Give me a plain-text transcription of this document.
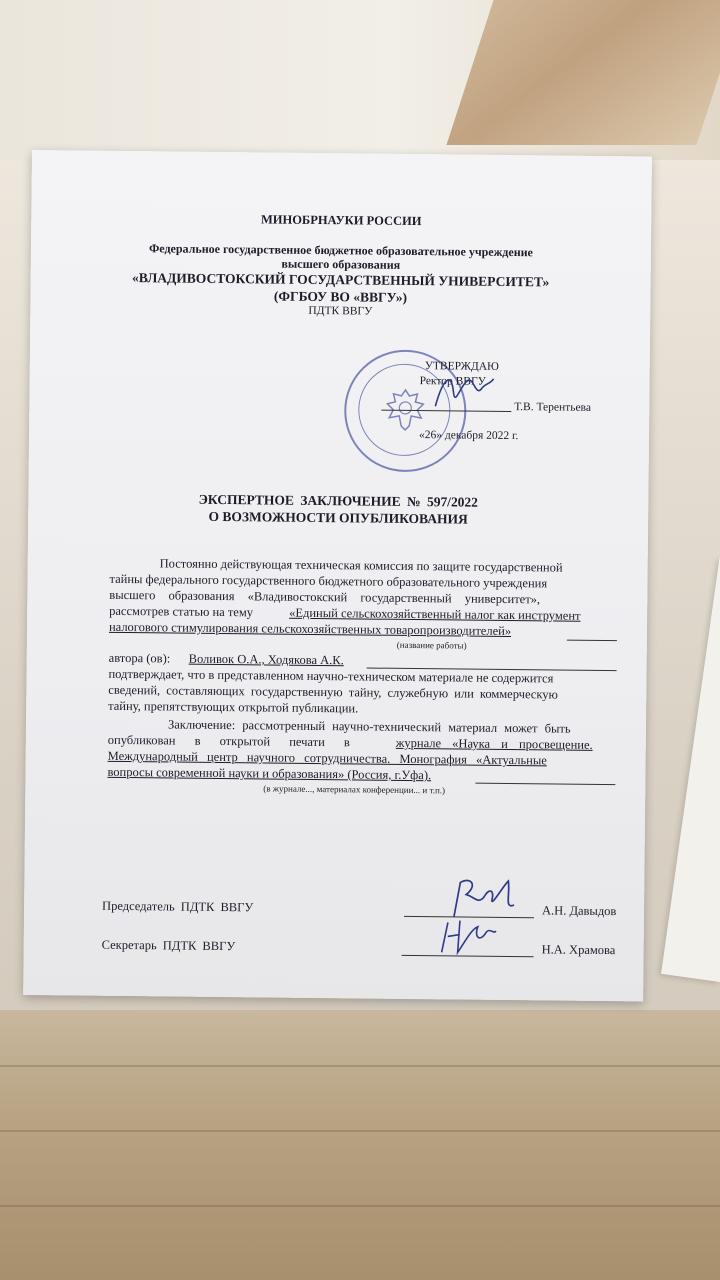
МИНОБРНАУКИ РОССИИ
Федеральное государственное бюджетное образовательное учреждение
высшего образования
«ВЛАДИВОСТОКСКИЙ ГОСУДАРСТВЕННЫЙ УНИВЕРСИТЕТ»
(ФГБОУ ВО «ВВГУ»)
ПДТК ВВГУ
УТВЕРЖДАЮ
Ректор ВВГУ
Т.В. Терентьева
«26» декабря 2022 г.
ЭКСПЕРТНОЕ ЗАКЛЮЧЕНИЕ № 597/2022
О ВОЗМОЖНОСТИ ОПУБЛИКОВАНИЯ
Постоянно действующая техническая комиссия по защите государственной
тайны федерального государственного бюджетного образовательного учреждения
высшего образования «Владивостокский государственный университет»,
рассмотрев статью на тему	«Единый сельскохозяйственный налог как инструмент
налогового стимулирования сельскохозяйственных товаропроизводителей»
(название работы)
автора (ов): Воливок О.А., Ходякова А.К.
подтверждает, что в представленном научно-техническом материале не содержится
сведений, составляющих государственную тайну, служебную или коммерческую
тайну, препятствующих открытой публикации.
Заключение: рассмотренный научно-технический материал может быть
опубликован в открытой печати в	журнале «Наука и просвещение.
Международный центр научного сотрудничества. Монография «Актуальные
вопросы современной науки и образования» (Россия, г.Уфа).
(в журнале..., материалах конференции... и т.п.)
Председатель ПДТК ВВГУ	А.Н. Давыдов
Секретарь ПДТК ВВГУ	Н.А. Храмова
